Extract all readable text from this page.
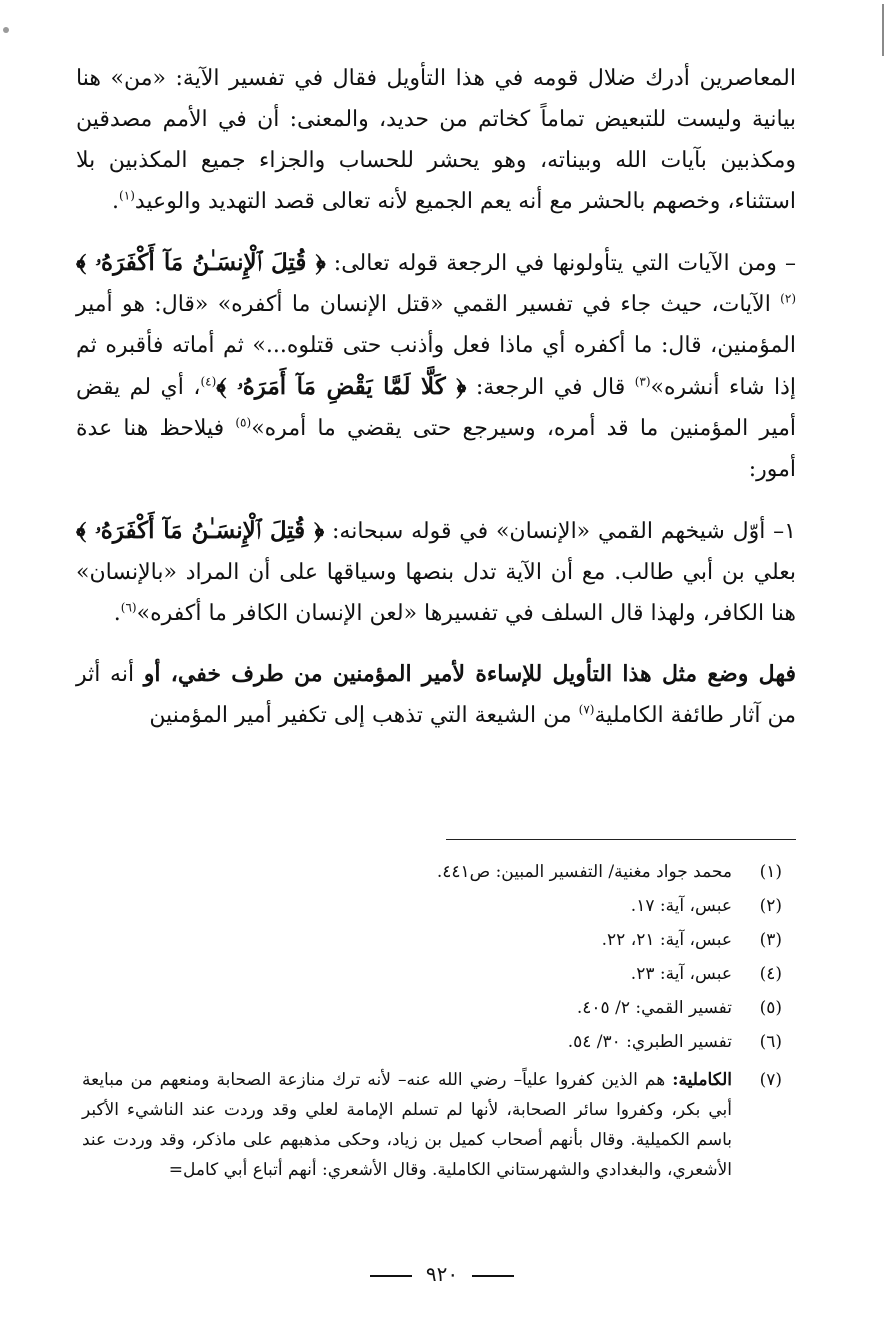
المعاصرين أدرك ضلال قومه في هذا التأويل فقال في تفسير الآية: «من» هنا بيانية وليست للتبعيض تماماً كخاتم من حديد، والمعنى: أن في الأمم مصدقين ومكذبين بآيات الله وبيناته، وهو يحشر للحساب والجزاء جميع المكذبين بلا استثناء، وخصهم بالحشر مع أنه يعم الجميع لأنه تعالى قصد التهديد والوعيد$^{(١)}$.

– ومن الآيات التي يتأولونها في الرجعة قوله تعالى: ﴿ قُتِلَ ٱلْإِنسَـٰنُ مَآ أَكْفَرَهُۥ ﴾$^{(٢)}$ الآيات، حيث جاء في تفسير القمي «قتل الإنسان ما أكفره» «قال: هو أمير المؤمنين، قال: ما أكفره أي ماذا فعل وأذنب حتى قتلوه...» ثم أماته فأقبره ثم إذا شاء أنشره»$^{(٣)}$ قال في الرجعة: ﴿ كَلَّا لَمَّا يَقْضِ مَآ أَمَرَهُۥ ﴾$^{(٤)}$، أي لم يقض أمير المؤمنين ما قد أمره، وسيرجع حتى يقضي ما أمره»$^{(٥)}$ فيلاحظ هنا عدة أمور:

١– أوّل شيخهم القمي «الإنسان» في قوله سبحانه: ﴿ قُتِلَ ٱلْإِنسَـٰنُ مَآ أَكْفَرَهُۥ ﴾ بعلي بن أبي طالب. مع أن الآية تدل بنصها وسياقها على أن المراد «بالإنسان» هنا الكافر، ولهذا قال السلف في تفسيرها «لعن الإنسان الكافر ما أكفره»$^{(٦)}$.

فهل وضع مثل هذا التأويل للإساءة لأمير المؤمنين من طرف خفي، أو أنه أثر من آثار طائفة الكاملية$^{(٧)}$ من الشيعة التي تذهب إلى تكفير أمير المؤمنين

(١)
محمد جواد مغنية/ التفسير المبين: ص٤٤١.
(٢)
عبس، آية: ١٧.
(٣)
عبس، آية: ٢١، ٢٢.
(٤)
عبس، آية: ٢٣.
(٥)
تفسير القمي: ٢/ ٤٠٥.
(٦)
تفسير الطبري: ٣٠/ ٥٤.
(٧)
الكاملية: هم الذين كفروا علياً– رضي الله عنه– لأنه ترك منازعة الصحابة ومنعهم من مبايعة أبي بكر، وكفروا سائر الصحابة، لأنها لم تسلم الإمامة لعلي وقد وردت عند الناشيء الأكبر باسم الكميلية. وقال بأنهم أصحاب كميل بن زياد، وحكى مذهبهم على ماذكر، وقد وردت عند الأشعري، والبغدادي والشهرستاني الكاملية. وقال الأشعري: أنهم أتباع أبي كامل=
٩٢٠
